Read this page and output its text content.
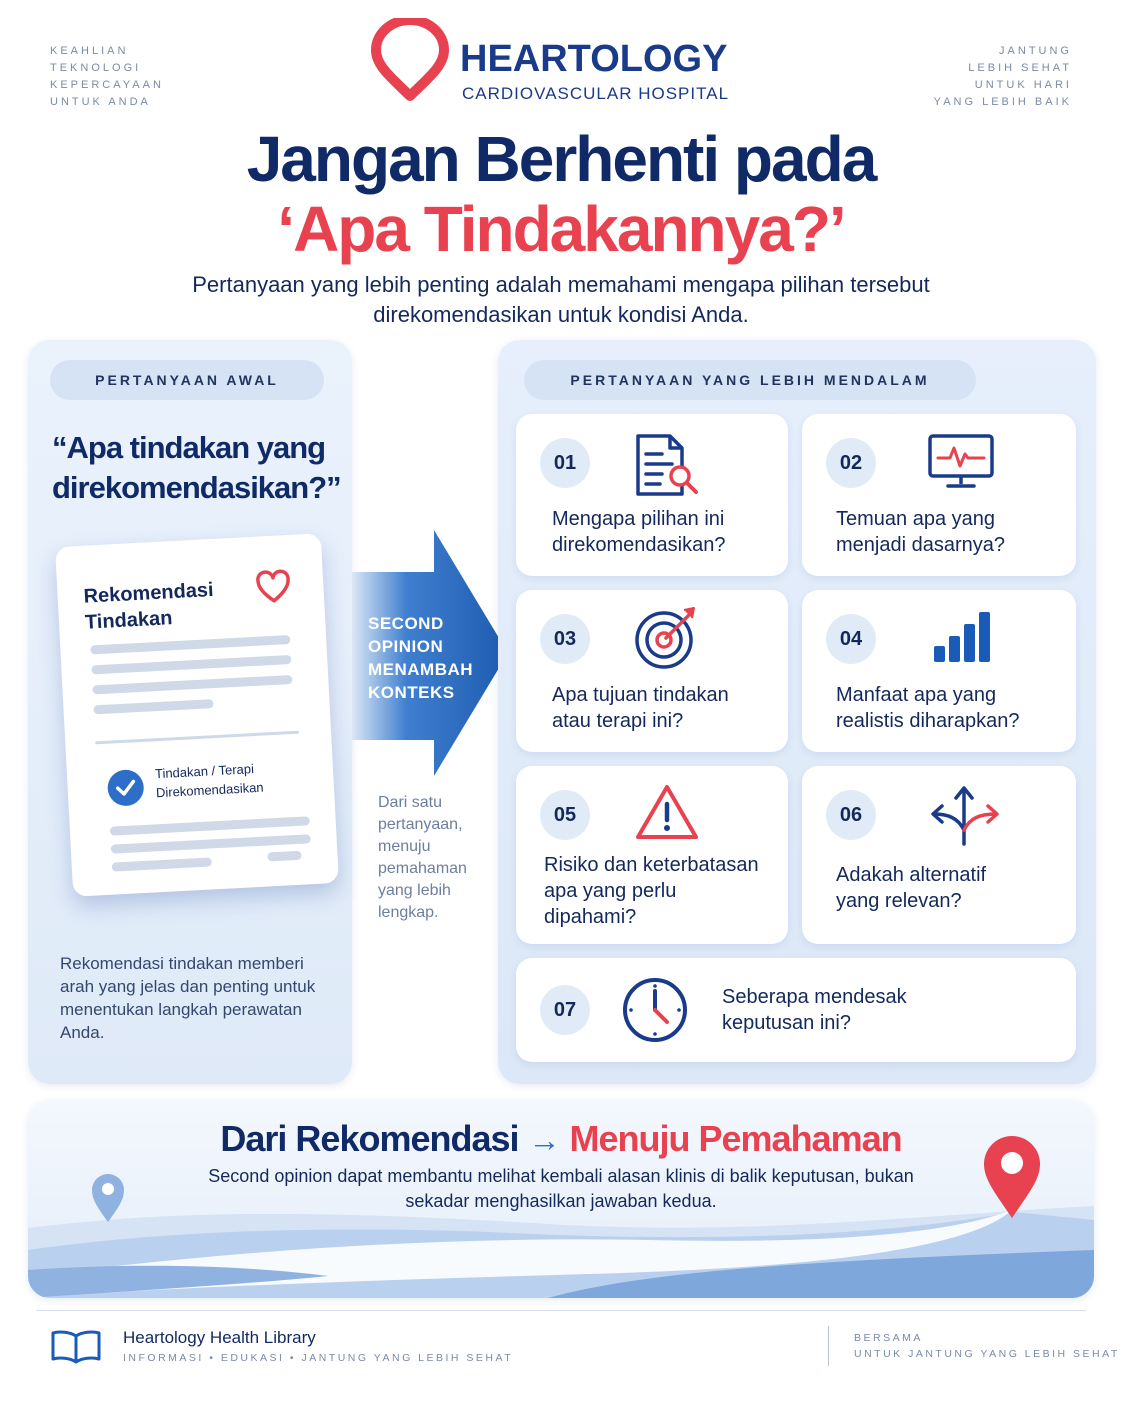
KEAHLIAN
TEKNOLOGI
KEPERCAYAAN
UNTUK ANDA
JANTUNG
LEBIH SEHAT
UNTUK HARI
YANG LEBIH BAIK
HEARTOLOGY
CARDIOVASCULAR HOSPITAL
Jangan Berhenti pada
‘Apa Tindakannya?’
Pertanyaan yang lebih penting adalah memahami mengapa pilihan tersebut direkomendasikan untuk kondisi Anda.
PERTANYAAN AWAL
“Apa tindakan yang direkomendasikan?”
Rekomendasi
Tindakan
Tindakan / Terapi
Direkomendasikan
Rekomendasi tindakan memberi arah yang jelas dan penting untuk menentukan langkah perawatan Anda.
SECOND
OPINION
MENAMBAH
KONTEKS
Dari satu pertanyaan, menuju pemahaman yang lebih lengkap.
PERTANYAAN YANG LEBIH MENDALAM
01
Mengapa pilihan ini
direkomendasikan?
02
Temuan apa yang
menjadi dasarnya?
03
Apa tujuan tindakan
atau terapi ini?
04
Manfaat apa yang
realistis diharapkan?
05
Risiko dan keterbatasan
apa yang perlu
dipahami?
06
Adakah alternatif
yang relevan?
07
Seberapa mendesak
keputusan ini?
Dari Rekomendasi → Menuju Pemahaman
Second opinion dapat membantu melihat kembali alasan klinis di balik keputusan, bukan sekadar menghasilkan jawaban kedua.
Heartology Health Library
INFORMASI • EDUKASI • JANTUNG YANG LEBIH SEHAT
BERSAMA
UNTUK JANTUNG YANG LEBIH SEHAT
